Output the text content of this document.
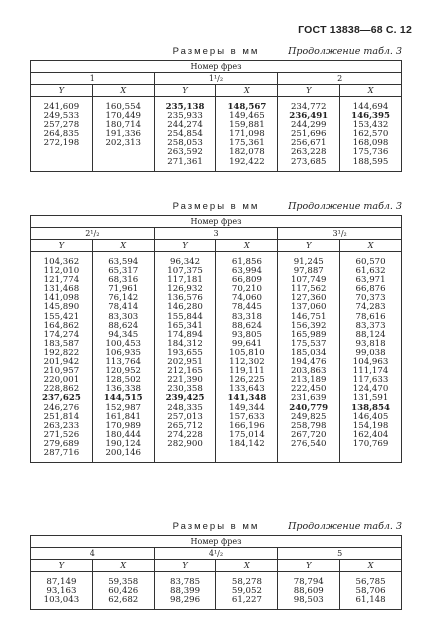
ГОСТ 13838—68 С. 12
Размеры в мм	Продолжение табл. 3
Номер фрез					
1		1¹/₂		2	
Y	X	Y	X	Y	X
241,609	160,554	235,138	148,567	234,772	144,694
249,533	170,449	235,933	149,465	236,491	146,395
257,278	180,714	244,274	159,881	244,299	153,432
264,835	191,336	254,854	171,098	251,696	162,570
272,198	202,313	258,053	175,361	256,671	168,098
		263,592	182,078	263,228	175,736
		271,361	192,422	273,685	188,595
Размеры в мм	Продолжение табл. 3
Номер фрез					
2¹/₂		3		3¹/₂	
Y	X	Y	X	Y	X
104,362	63,594	96,342	61,856	91,245	60,570
112,010	65,317	107,375	63,994	97,887	61,632
121,774	68,316	117,181	66,809	107,749	63,971
131,468	71,961	126,932	70,210	117,562	66,876
141,098	76,142	136,576	74,060	127,360	70,373
145,890	78,414	146,280	78,445	137,060	74,283
155,421	83,303	155,844	83,318	146,751	78,616
164,862	88,624	165,341	88,624	156,392	83,373
174,274	94,345	174,894	93,805	165,989	88,124
183,587	100,453	184,312	99,641	175,537	93,818
192,822	106,935	193,655	105,810	185,034	99,038
201,942	113,764	202,951	112,302	194,476	104,963
210,957	120,952	212,165	119,111	203,863	111,174
220,001	128,502	221,390	126,225	213,189	117,633
228,862	136,338	230,358	133,643	222,450	124,470
237,625	144,515	239,425	141,348	231,639	131,591
246,276	152,987	248,335	149,344	240,779	138,854
251,814	161,841	257,013	157,633	249,825	146,405
263,233	170,989	265,712	166,196	258,798	154,198
271,526	180,444	274,228	175,014	267,720	162,404
279,689	190,124	282,900	184,142	276,540	170,769
287,716	200,146				
Размеры в мм	Продолжение табл. 3
Номер фрез					
4		4¹/₂		5	
Y	X	Y	X	Y	X
87,149	59,358	83,785	58,278	78,794	56,785
93,163	60,426	88,399	59,052	88,609	58,706
103,043	62,682	98,296	61,227	98,503	61,148
